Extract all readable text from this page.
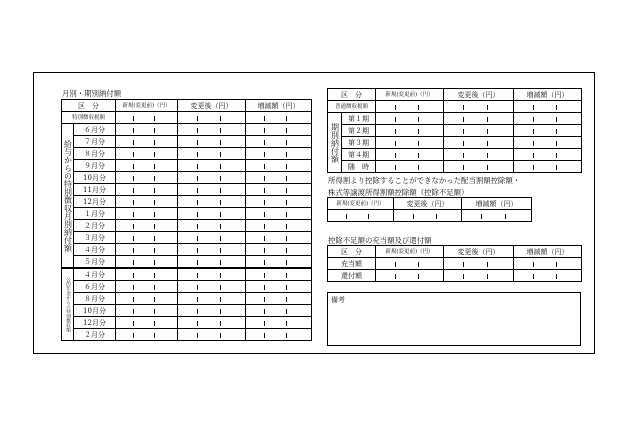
月別・期別納付額
区　分		新規(変更前)（円）	変更後（円）	増減額（円）
特別徴収税額		

給与からの特別徴収月別納付額	６月分	

	７月分	

	８月分	

	９月分	

	10月分	

	11月分	

	12月分	

	１月分	

	２月分	

	３月分	

	４月分	

	５月分	

公的年金からの特別徴収額	４月分	

	６月分	

	８月分	

	10月分	

	12月分	

	２月分	

区　分		新規(変更前)（円）	変更後（円）	増減額（円）
普通徴収税額		

期別納付額	第１期	

	第２期	

	第３期	

	第４期	

	随　時	

所得割より控除することができなかった配当割額控除額・
株式等譲渡所得割額控除額（控除不足額）
新規(変更前)（円）	変更後（円）	増減額（円）

控除不足額の充当額及び還付額
区　分	新規(変更前)（円）	変更後（円）	増減額（円）
充当額	

還付額	

備考
